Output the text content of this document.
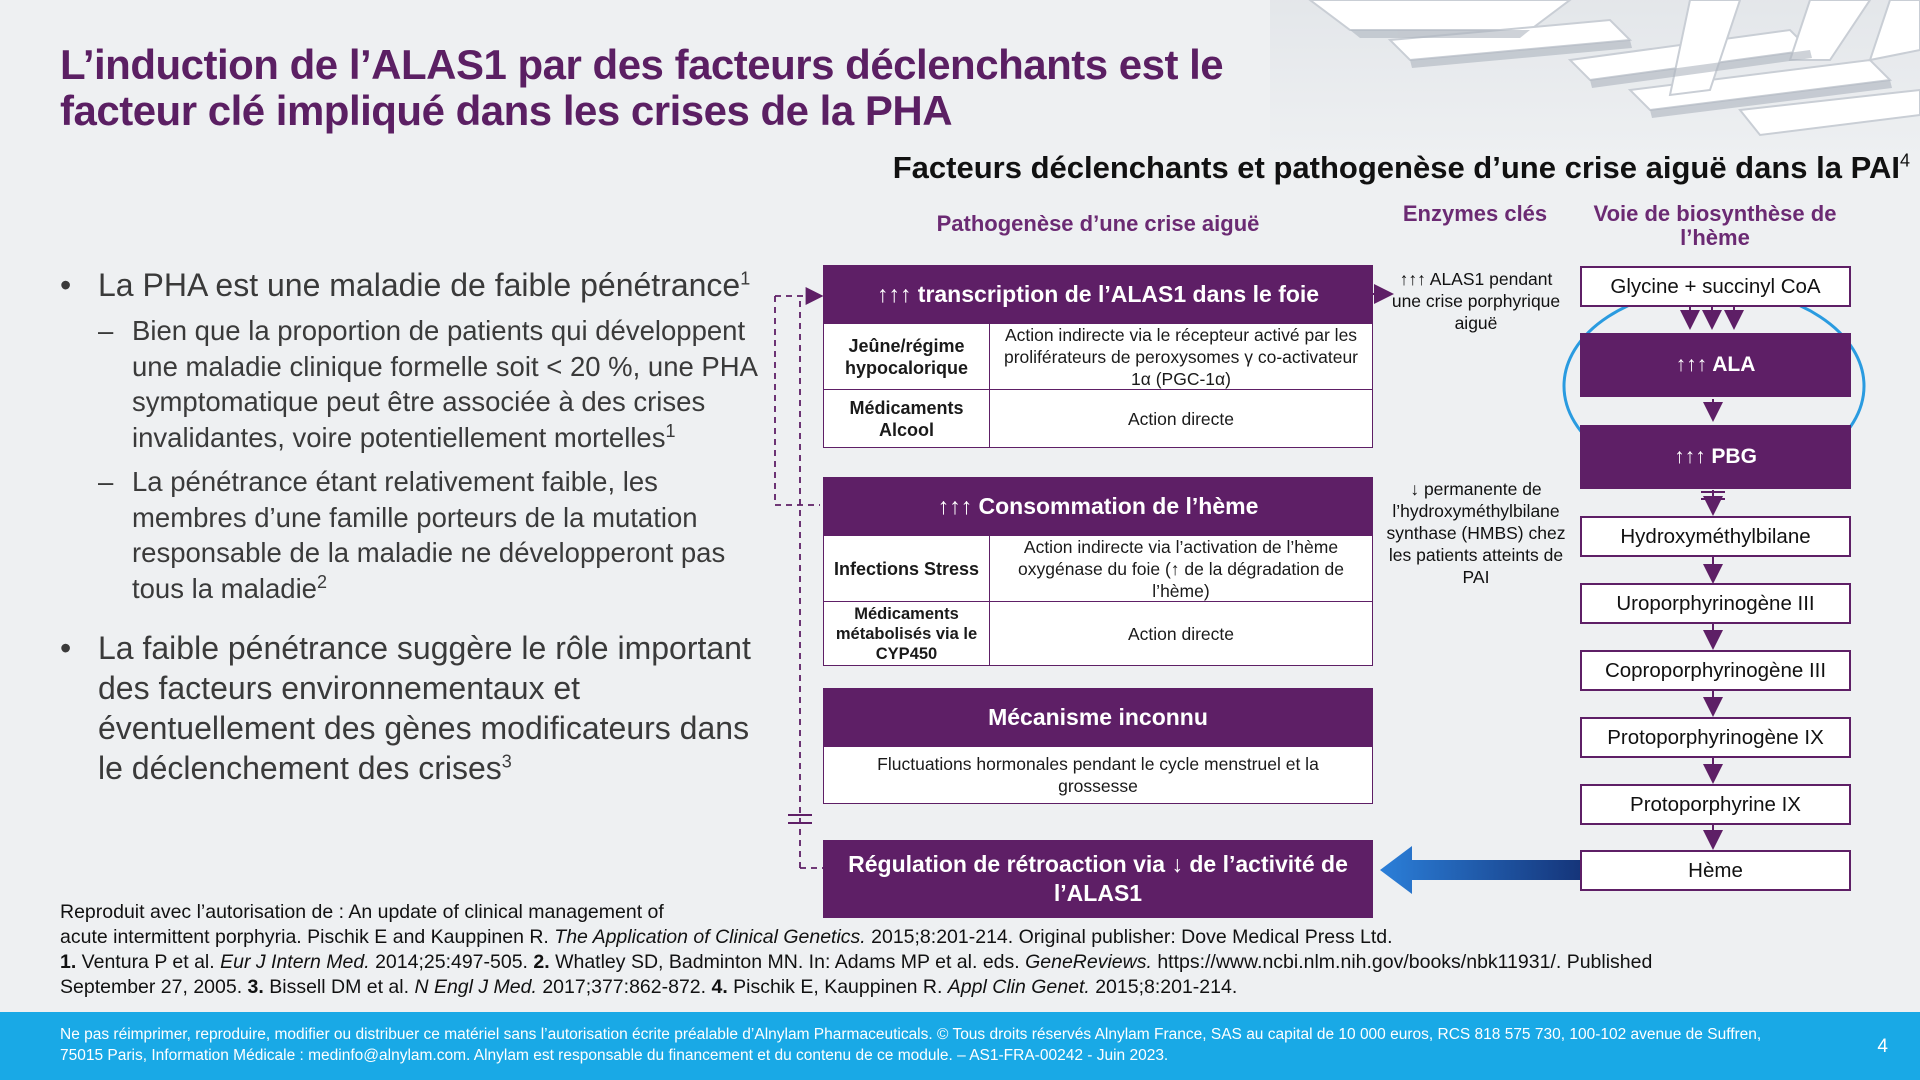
L’induction de l’ALAS1 par des facteurs déclenchants est le facteur clé impliqué dans les crises de la PHA
Facteurs déclenchants et pathogenèse d’une crise aiguë dans la PAI$^4$
• La PHA est une maladie de faible pénétrance$^1$
– Bien que la proportion de patients qui développent une maladie clinique formelle soit < 20 %, une PHA symptomatique peut être associée à des crises invalidantes, voire potentiellement mortelles$^1$
– La pénétrance étant relativement faible, les membres d’une famille porteurs de la mutation responsable de la maladie ne développeront pas tous la maladie$^2$
• La faible pénétrance suggère le rôle important des facteurs environnementaux et éventuellement des gènes modificateurs dans le déclenchement des crises$^3$
Pathogenèse d’une crise aiguë	Enzymes clés	Voie de biosynthèse de l’hème
↑↑↑ transcription de l’ALAS1 dans le foie
Jeûne/régime hypocalorique
Action indirecte via le récepteur activé par les proliférateurs de peroxysomes γ co-activateur 1α (PGC-1α)
Médicaments Alcool
Action directe
↑↑↑ Consommation de l’hème
Infections Stress
Action indirecte via l’activation de l’hème oxygénase du foie (↑ de la dégradation de l’hème)
Médicaments métabolisés via le CYP450
Action directe
Mécanisme inconnu
Fluctuations hormonales pendant le cycle menstruel et la grossesse
Régulation de rétroaction via ↓ de l’activité de l’ALAS1
↑↑↑ ALAS1 pendant une crise porphyrique aiguë
↓ permanente de l’hydroxyméthylbilane synthase (HMBS) chez les patients atteints de PAI
Glycine + succinyl CoA
↑↑↑ ALA
↑↑↑ PBG
Hydroxyméthylbilane
Uroporphyrinogène III
Coproporphyrinogène III
Protoporphyrinogène IX
Protoporphyrine IX
Hème
Reproduit avec l’autorisation de : An update of clinical management of
acute intermittent porphyria. Pischik E and Kauppinen R. The Application of Clinical Genetics. 2015;8:201-214. Original publisher: Dove Medical Press Ltd.
1. Ventura P et al. Eur J Intern Med. 2014;25:497-505. 2. Whatley SD, Badminton MN. In: Adams MP et al. eds. GeneReviews. https://www.ncbi.nlm.nih.gov/books/nbk11931/. Published
September 27, 2005. 3. Bissell DM et al. N Engl J Med. 2017;377:862-872. 4. Pischik E, Kauppinen R. Appl Clin Genet. 2015;8:201-214.
Ne pas réimprimer, reproduire, modifier ou distribuer ce matériel sans l’autorisation écrite préalable d’Alnylam Pharmaceuticals. © Tous droits réservés Alnylam France, SAS au capital de 10 000 euros, RCS 818 575 730, 100-102 avenue de Suffren, 75015 Paris, Information Médicale : medinfo@alnylam.com. Alnylam est responsable du financement et du contenu de ce module. – AS1-FRA-00242 - Juin 2023.	4
